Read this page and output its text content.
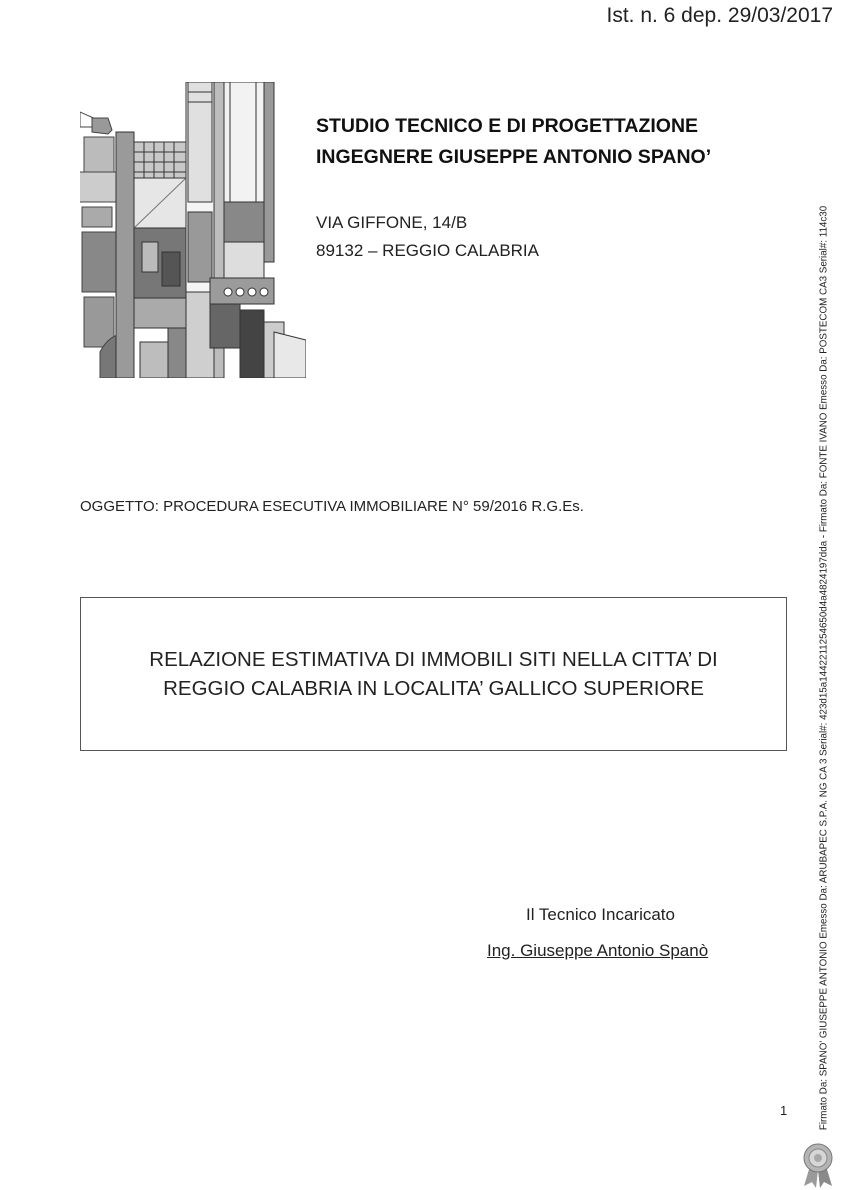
Ist. n. 6 dep. 29/03/2017
STUDIO TECNICO E DI PROGETTAZIONE
INGEGNERE GIUSEPPE ANTONIO SPANO’
VIA GIFFONE, 14/B
89132 – REGGIO CALABRIA
OGGETTO: PROCEDURA ESECUTIVA IMMOBILIARE N° 59/2016 R.G.Es.
RELAZIONE ESTIMATIVA DI IMMOBILI SITI NELLA CITTA’ DI
REGGIO CALABRIA IN LOCALITA’ GALLICO SUPERIORE
Il Tecnico Incaricato
Ing. Giuseppe Antonio Spanò
1	Firmato Da: SPANO' GIUSEPPE ANTONIO Emesso Da: ARUBAPEC S.P.A. NG CA 3 Serial#: 423d15a1442211254650d4a4824197dda - Firmato Da: FONTE IVANO Emesso Da: POSTECOM CA3 Serial#: 114c30
